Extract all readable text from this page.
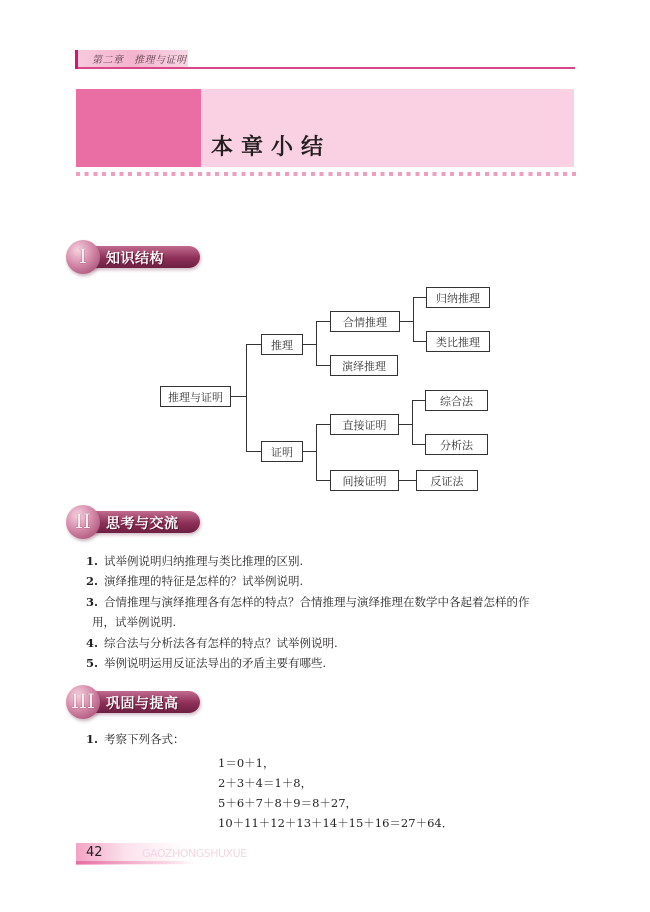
第二章　推理与证明
本章小结
I	知识结构
推理与证明
推理
证明
合情推理
演绎推理
归纳推理
类比推理
直接证明
间接证明
综合法
分析法
反证法
II	思考与交流
1. 试举例说明归纳推理与类比推理的区别.
2. 演绎推理的特征是怎样的？试举例说明.
3. 合情推理与演绎推理各有怎样的特点？合情推理与演绎推理在数学中各起着怎样的作
用，试举例说明.
4. 综合法与分析法各有怎样的特点？试举例说明.
5. 举例说明运用反证法导出的矛盾主要有哪些.
III 巩固与提高
1. 考察下列各式：
1＝0＋1，
2＋3＋4＝1＋8，
5＋6＋7＋8＋9＝8＋27，
10＋11＋12＋13＋14＋15＋16＝27＋64．
42	GAOZHONGSHUXUE
